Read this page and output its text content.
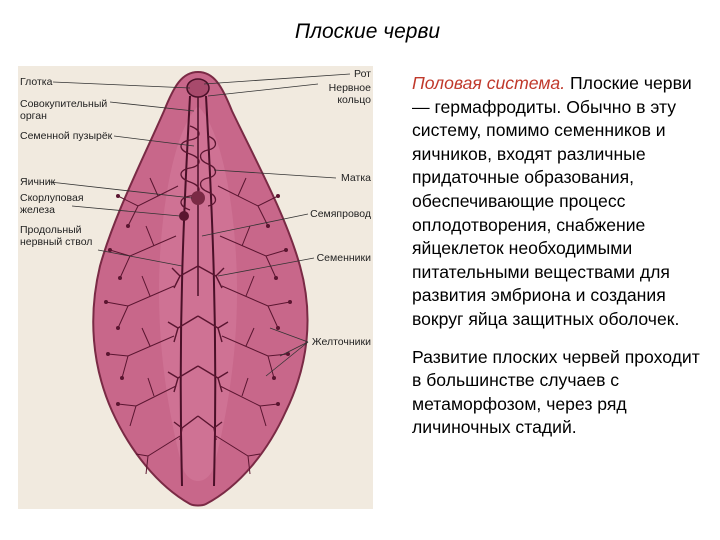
Плоские черви
Глотка
Совокупительный
орган
Семенной пузырёк
Яичник
Скорлуповая
железа
Продольный
нервный ствол
Рот
Нервное
кольцо
Матка
Семяпровод
Семенники
Желточники

Половая система. Плоские черви — гермафродиты. Обычно в эту систему, помимо семенников и яичников, входят различные придаточные образования, обеспечивающие процесс оплодотворения, снабжение яйцеклеток необходимыми питательными веществами для развития эмбриона и создания вокруг яйца защитных оболочек.

Развитие плоских червей проходит в большинстве случаев с метаморфозом, через ряд личиночных стадий.
